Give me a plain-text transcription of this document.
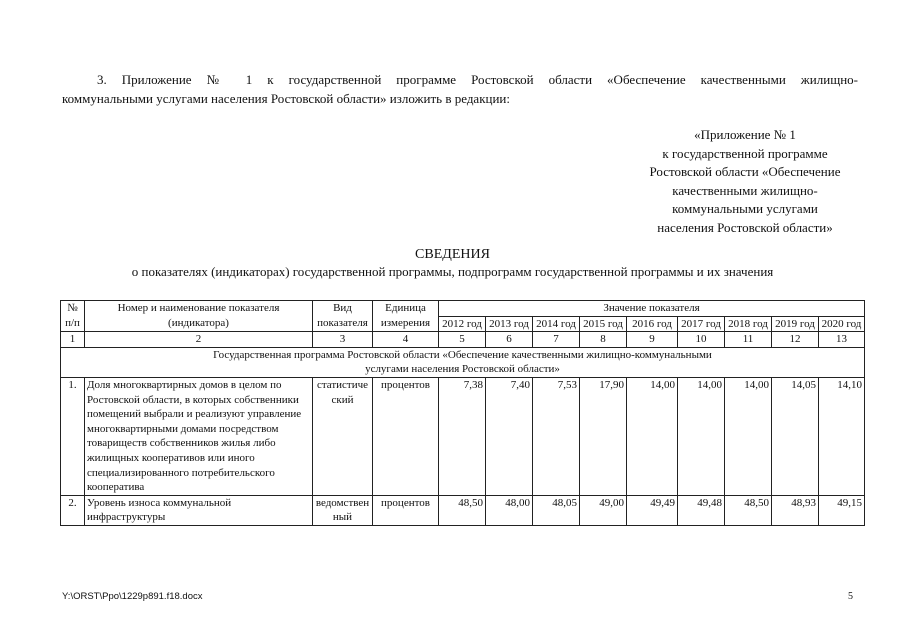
3. Приложение № 1 к государственной программе Ростовской области «Обеспечение качественными жилищно-
коммунальными услугами населения Ростовской области» изложить в редакции:
«Приложение № 1
к государственной программе
Ростовской области «Обеспечение
качественными жилищно-
коммунальными услугами
населения Ростовской области»
СВЕДЕНИЯ
о показателях (индикаторах) государственной программы, подпрограмм государственной программы и их значения
№ п/п	Номер и наименование показателя (индикатора)	Вид показателя	Единица измерения	Значение показателя								
				2012 год	2013 год	2014 год	2015 год	2016 год	2017 год	2018 год	2019 год	2020 год
1	2	3	4	5	6	7	8	9	10	11	12	13
Государственная программа Ростовской области «Обеспечение качественными жилищно-коммунальными услугами населения Ростовской области»												
1.	Доля многоквартирных домов в целом по Ростовской области, в которых собственники помещений выбрали и реализуют управление многоквартирными домами посредством товариществ собственников жилья либо жилищных кооперативов или иного специализированного потребительского кооператива	статистический	процентов	7,38	7,40	7,53	17,90	14,00	14,00	14,00	14,05	14,10
2.	Уровень износа коммунальной инфраструктуры	ведомственный	процентов	48,50	48,00	48,05	49,00	49,49	49,48	48,50	48,93	49,15
Y:\ORST\Ppo\1229p891.f18.docx	5
